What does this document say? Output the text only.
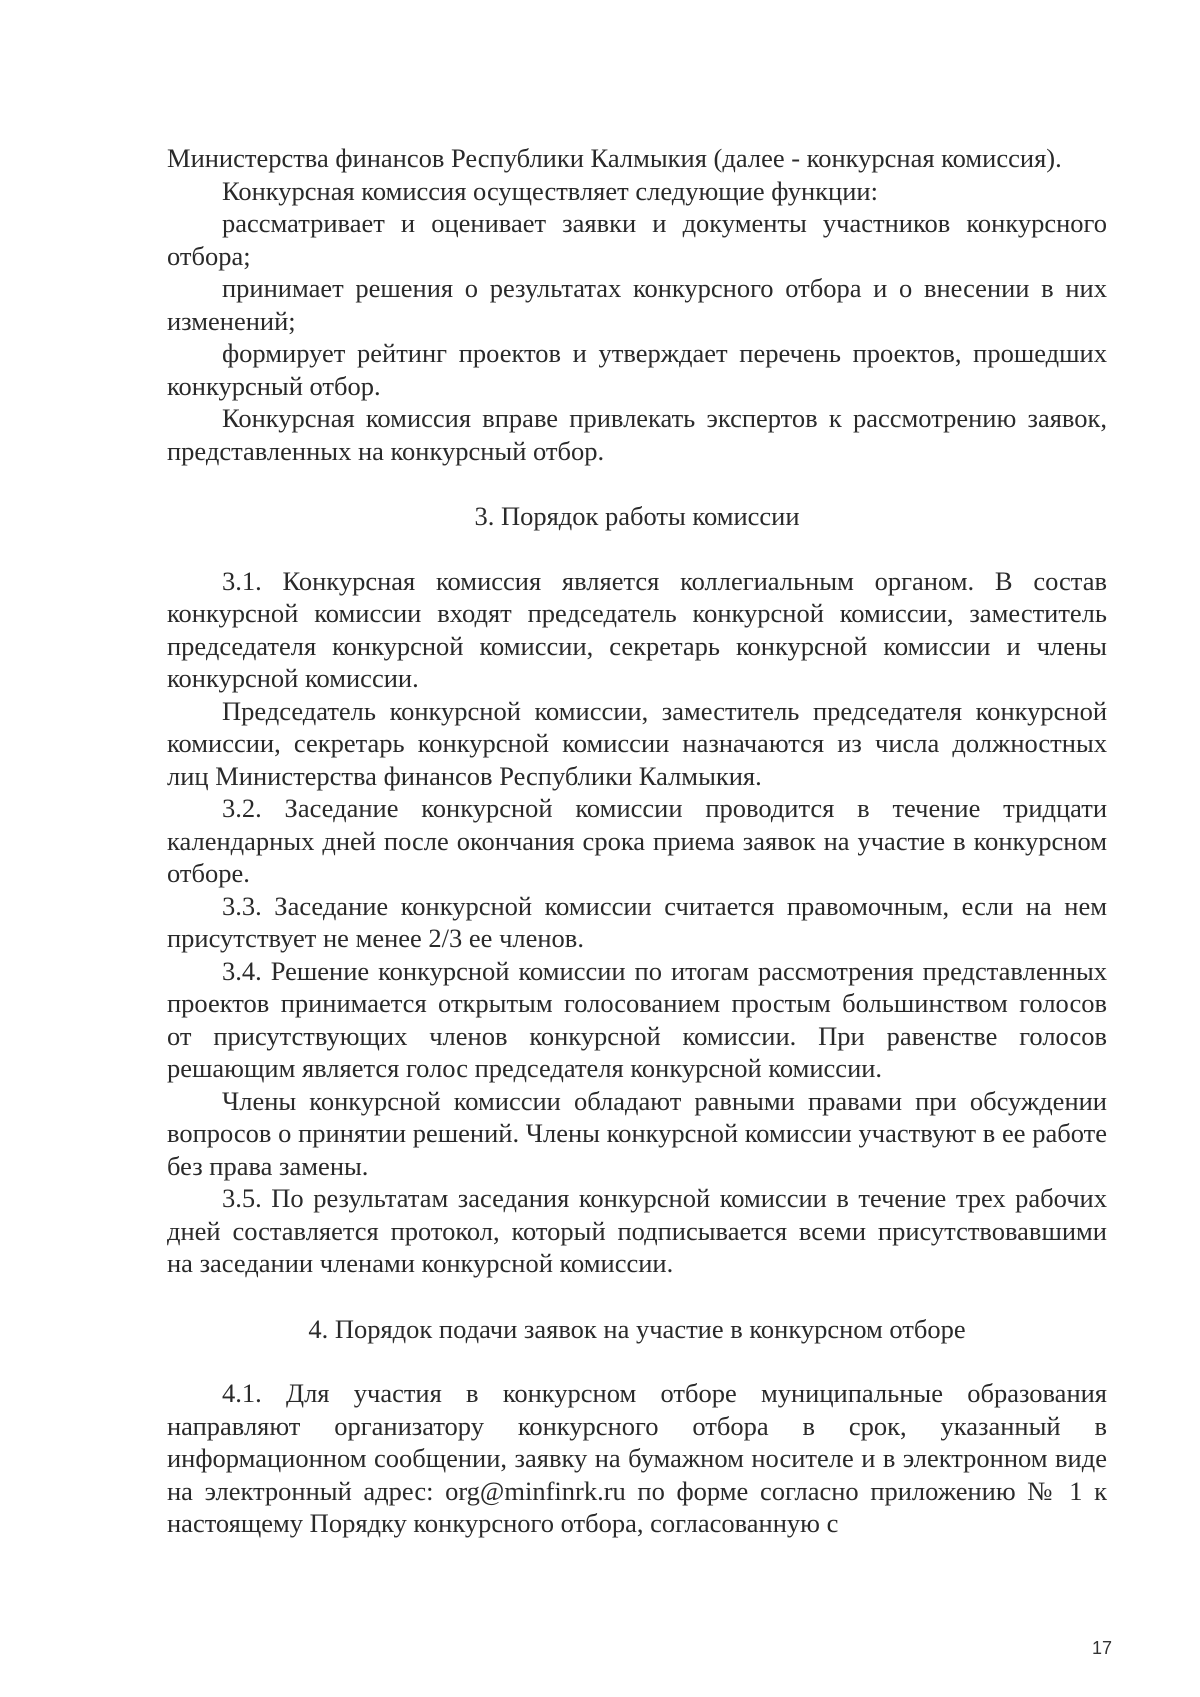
Министерства финансов Республики Калмыкия (далее - конкурсная комиссия).

Конкурсная комиссия осуществляет следующие функции:

рассматривает и оценивает заявки и документы участников конкурсного отбора;

принимает решения о результатах конкурсного отбора и о внесении в них изменений;

формирует рейтинг проектов и утверждает перечень проектов, прошедших конкурсный отбор.

Конкурсная комиссия вправе привлекать экспертов к рассмотрению заявок, представленных на конкурсный отбор.

3. Порядок работы комиссии

3.1. Конкурсная комиссия является коллегиальным органом. В состав конкурсной комиссии входят председатель конкурсной комиссии, заместитель председателя конкурсной комиссии, секретарь конкурсной комиссии и члены конкурсной комиссии.

Председатель конкурсной комиссии, заместитель председателя конкурсной комиссии, секретарь конкурсной комиссии назначаются из числа должностных лиц Министерства финансов Республики Калмыкия.

3.2. Заседание конкурсной комиссии проводится в течение тридцати календарных дней после окончания срока приема заявок на участие в конкурсном отборе.

3.3. Заседание конкурсной комиссии считается правомочным, если на нем присутствует не менее 2/3 ее членов.

3.4. Решение конкурсной комиссии по итогам рассмотрения представленных проектов принимается открытым голосованием простым большинством голосов от присутствующих членов конкурсной комиссии. При равенстве голосов решающим является голос председателя конкурсной комиссии.

Члены конкурсной комиссии обладают равными правами при обсуждении вопросов о принятии решений. Члены конкурсной комиссии участвуют в ее работе без права замены.

3.5. По результатам заседания конкурсной комиссии в течение трех рабочих дней составляется протокол, который подписывается всеми присутствовавшими на заседании членами конкурсной комиссии.

4. Порядок подачи заявок на участие в конкурсном отборе

4.1. Для участия в конкурсном отборе муниципальные образования направляют организатору конкурсного отбора в срок, указанный в информационном сообщении, заявку на бумажном носителе и в электронном виде на электронный адрес: org@minfinrk.ru по форме согласно приложению № 1 к настоящему Порядку конкурсного отбора, согласованную с

17
